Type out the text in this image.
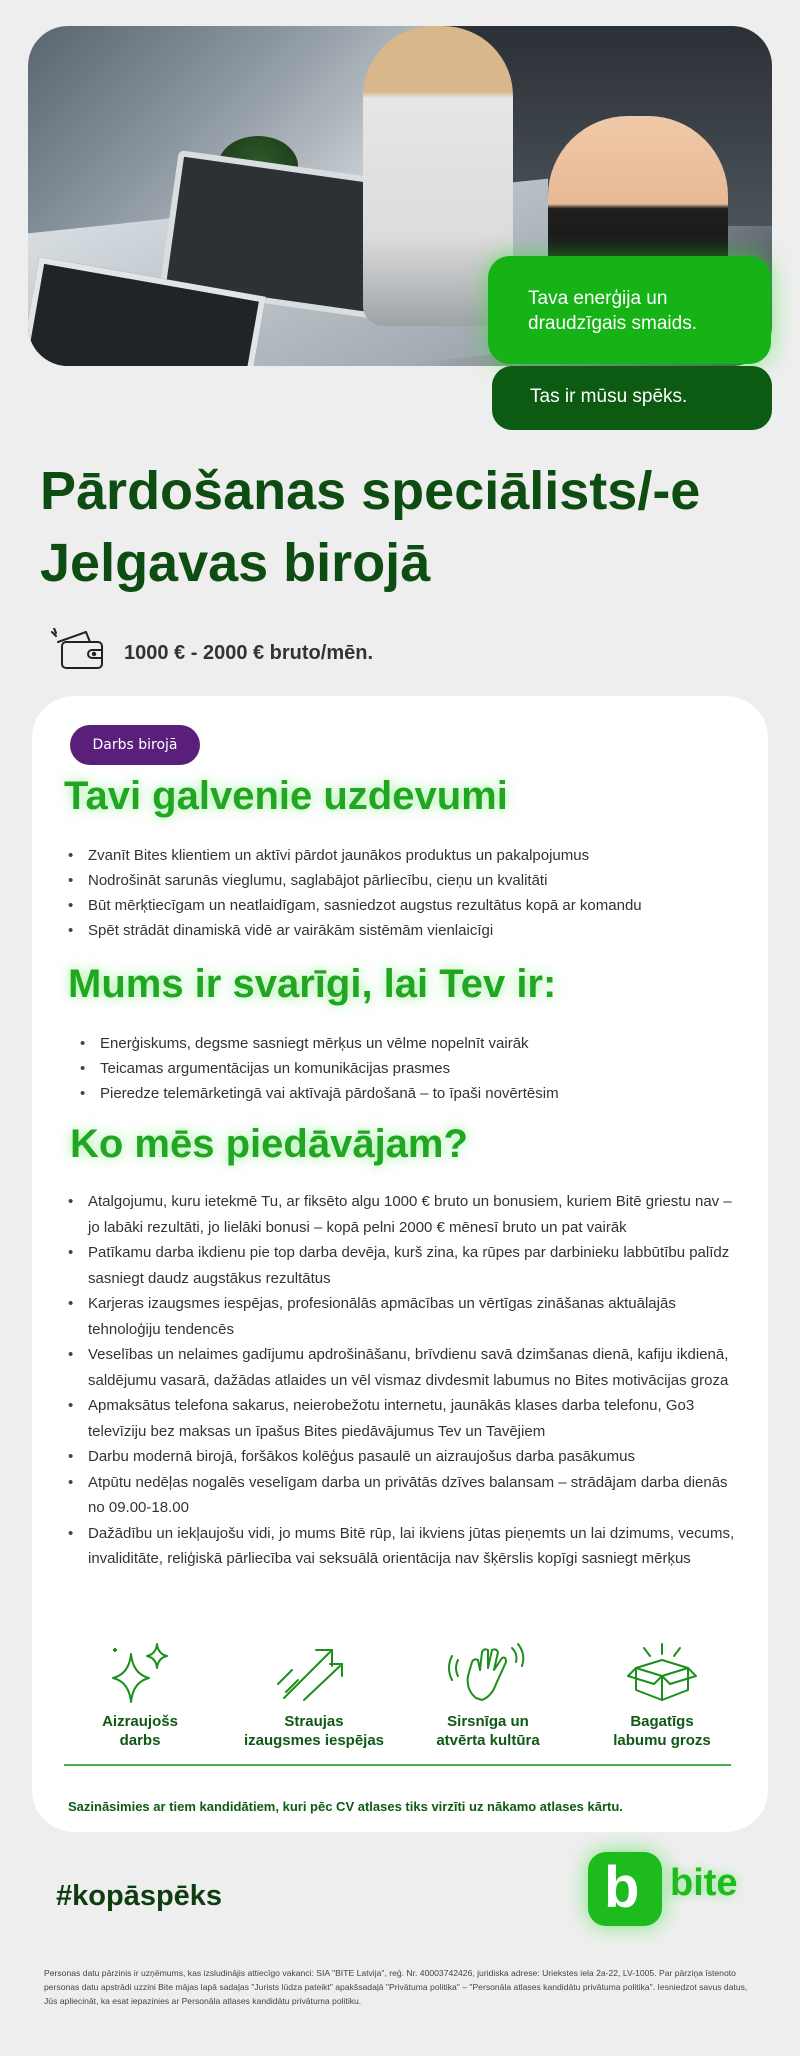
Tava enerģija un draudzīgais smaids.
Tas ir mūsu spēks.
Pārdošanas speciālists/-e
Jelgavas birojā
1000 € - 2000 € bruto/mēn.
Darbs birojā
Tavi galvenie uzdevumi
• Zvanīt Bites klientiem un aktīvi pārdot jaunākos produktus un pakalpojumus
• Nodrošināt sarunās vieglumu, saglabājot pārliecību, cieņu un kvalitāti
• Būt mērķtiecīgam un neatlaidīgam, sasniedzot augstus rezultātus kopā ar komandu
• Spēt strādāt dinamiskā vidē ar vairākām sistēmām vienlaicīgi
Mums ir svarīgi, lai Tev ir:
• Enerģiskums, degsme sasniegt mērķus un vēlme nopelnīt vairāk
• Teicamas argumentācijas un komunikācijas prasmes
• Pieredze telemārketingā vai aktīvajā pārdošanā – to īpaši novērtēsim
Ko mēs piedāvājam?
• Atalgojumu, kuru ietekmē Tu, ar fiksēto algu 1000 € bruto un bonusiem, kuriem Bitē griestu nav – jo labāki rezultāti, jo lielāki bonusi – kopā pelni 2000 € mēnesī bruto un pat vairāk
• Patīkamu darba ikdienu pie top darba devēja, kurš zina, ka rūpes par darbinieku labbūtību palīdz sasniegt daudz augstākus rezultātus
• Karjeras izaugsmes iespējas, profesionālās apmācības un vērtīgas zināšanas aktuālajās tehnoloģiju tendencēs
• Veselības un nelaimes gadījumu apdrošināšanu, brīvdienu savā dzimšanas dienā, kafiju ikdienā, saldējumu vasarā, dažādas atlaides un vēl vismaz divdesmit labumus no Bites motivācijas groza
• Apmaksātus telefona sakarus, neierobežotu internetu, jaunākās klases darba telefonu, Go3 televīziju bez maksas un īpašus Bites piedāvājumus Tev un Tavējiem
• Darbu modernā birojā, foršākos kolēģus pasaulē un aizraujošus darba pasākumus
• Atpūtu nedēļas nogalēs veselīgam darba un privātās dzīves balansam – strādājam darba dienās no 09.00-18.00
• Dažādību un iekļaujošu vidi, jo mums Bitē rūp, lai ikviens jūtas pieņemts un lai dzimums, vecums, invaliditāte, reliģiskā pārliecība vai seksuālā orientācija nav šķērslis kopīgi sasniegt mērķus
Aizraujošs
darbs
Straujas
izaugsmes iespējas
Sirsnīga un
atvērta kultūra
Bagatīgs
labumu grozs
Sazināsimies ar tiem kandidātiem, kuri pēc CV atlases tiks virzīti uz nākamo atlases kārtu.
#kopāspēks	b bite
Personas datu pārzinis ir uzņēmums, kas izsludinājis attiecīgo vakanci: SIA "BITE Latvija", reģ. Nr. 40003742426, juridiska adrese: Uriekstes iela 2a-22, LV-1005. Par pārziņa īstenoto personas datu apstrādi uzzini Bite mājas lapā sadaļas "Jurists lūdza pateikt" apakšsadaļā "Privātuma politika" – "Personāla atlases kandidātu privātuma politika". Iesniedzot savus datus, Jūs apliecināt, ka esat iepazinies ar Personāla atlases kandidātu privātuma politiku.
